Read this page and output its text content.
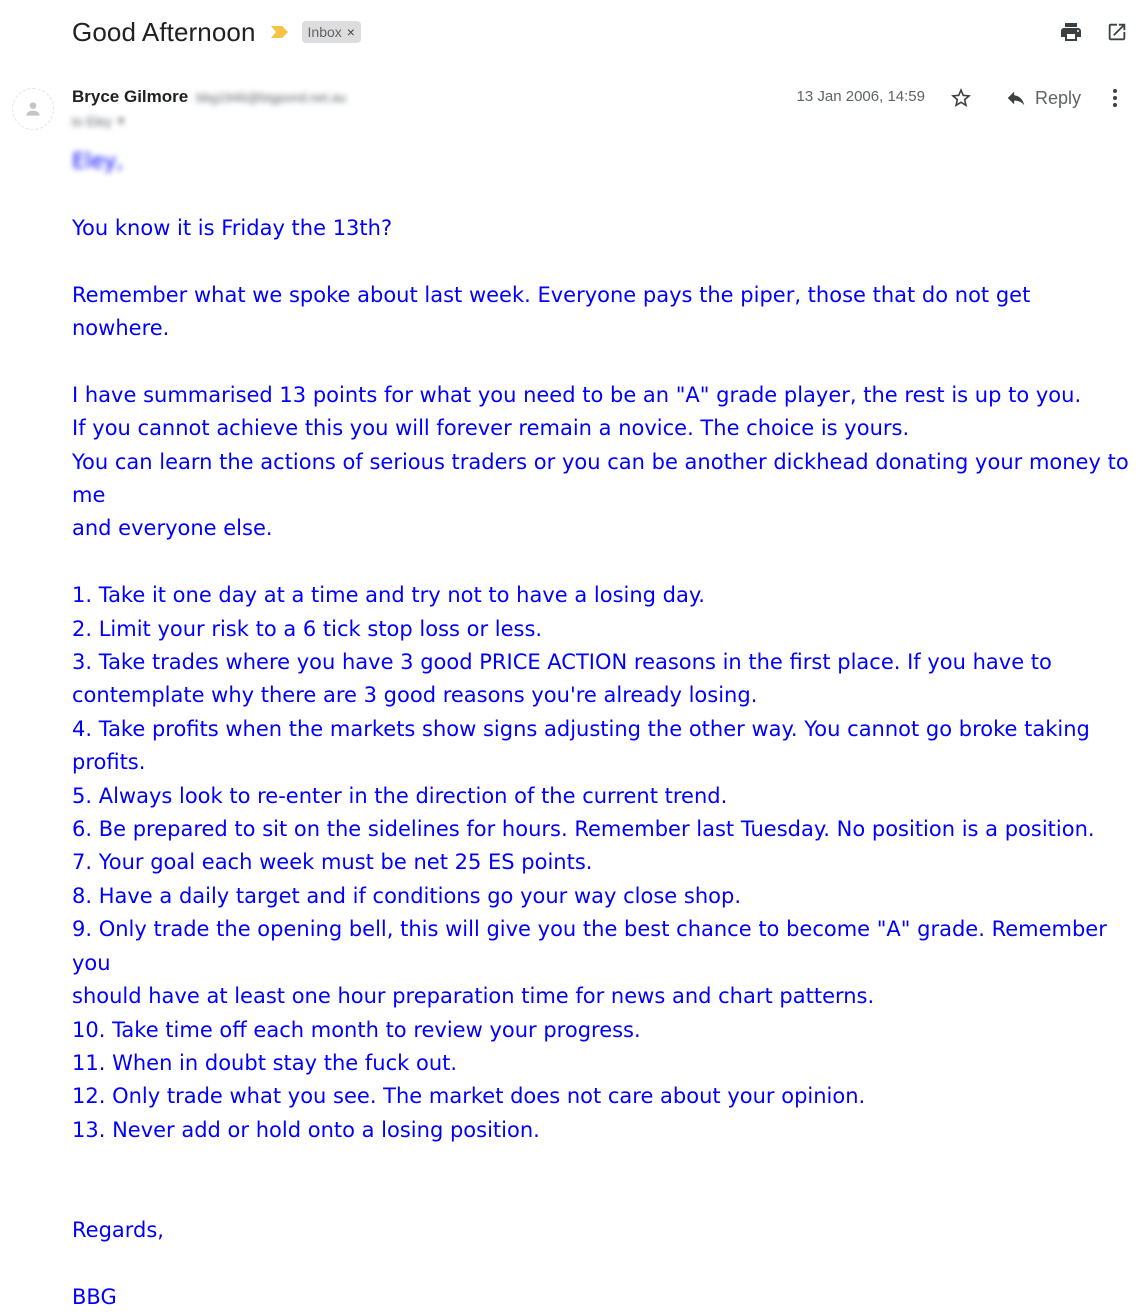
Good Afternoon	Inbox ×
Bryce Gilmore bbg1946@bigpond.net.au
to Eley ▾
13 Jan 2006, 14:59	Reply

Eley,

You know it is Friday the 13th?

Remember what we spoke about last week. Everyone pays the piper, those that do not get nowhere.

I have summarised 13 points for what you need to be an "A" grade player, the rest is up to you.

If you cannot achieve this you will forever remain a novice. The choice is yours.

You can learn the actions of serious traders or you can be another dickhead donating your money to me

and everyone else.

1. Take it one day at a time and try not to have a losing day.

2. Limit your risk to a 6 tick stop loss or less.

3. Take trades where you have 3 good PRICE ACTION reasons in the first place. If you have to

contemplate why there are 3 good reasons you're already losing.

4. Take profits when the markets show signs adjusting the other way. You cannot go broke taking profits.

5. Always look to re-enter in the direction of the current trend.

6. Be prepared to sit on the sidelines for hours. Remember last Tuesday. No position is a position.

7. Your goal each week must be net 25 ES points.

8. Have a daily target and if conditions go your way close shop.

9. Only trade the opening bell, this will give you the best chance to become "A" grade. Remember you

should have at least one hour preparation time for news and chart patterns.

10. Take time off each month to review your progress.

11. When in doubt stay the fuck out.

12. Only trade what you see. The market does not care about your opinion.

13. Never add or hold onto a losing position.

Regards,

BBG
